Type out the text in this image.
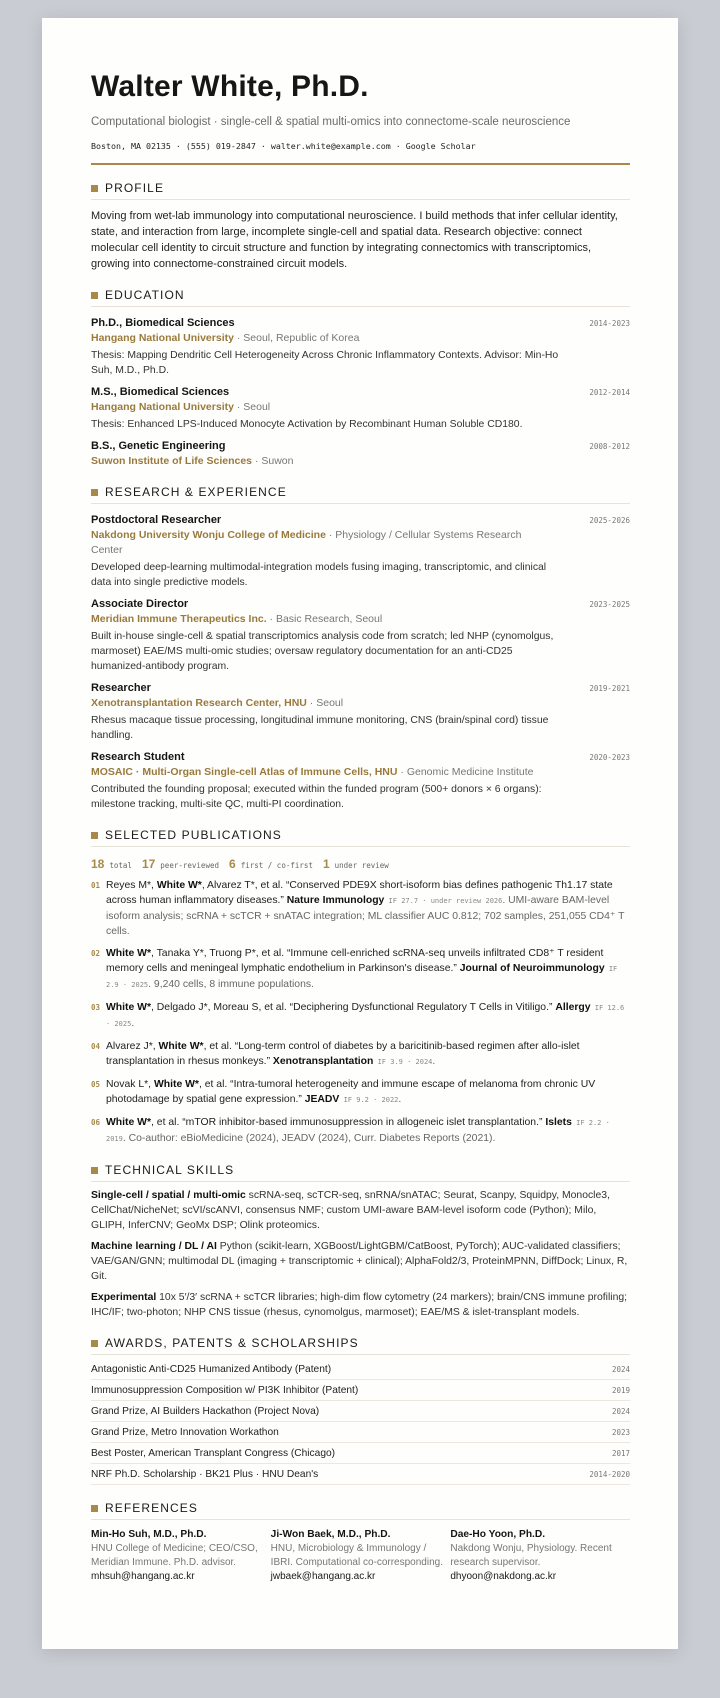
Walter White, Ph.D.
Computational biologist · single-cell & spatial multi-omics into connectome-scale neuroscience
Boston, MA 02135 · (555) 019-2847 · walter.white@example.com · Google Scholar
PROFILE
Moving from wet-lab immunology into computational neuroscience. I build methods that infer cellular identity, state, and interaction from large, incomplete single-cell and spatial data. Research objective: connect molecular cell identity to circuit structure and function by integrating connectomics with transcriptomics, growing into connectome-constrained circuit models.
EDUCATION
Ph.D., Biomedical Sciences	2014-2023
Hangang National University · Seoul, Republic of Korea
Thesis: Mapping Dendritic Cell Heterogeneity Across Chronic Inflammatory Contexts. Advisor: Min-Ho Suh, M.D., Ph.D.
M.S., Biomedical Sciences	2012-2014
Hangang National University · Seoul
Thesis: Enhanced LPS-Induced Monocyte Activation by Recombinant Human Soluble CD180.
B.S., Genetic Engineering	2008-2012
Suwon Institute of Life Sciences · Suwon
RESEARCH & EXPERIENCE
Postdoctoral Researcher	2025-2026
Nakdong University Wonju College of Medicine · Physiology / Cellular Systems Research Center
Developed deep-learning multimodal-integration models fusing imaging, transcriptomic, and clinical data into single predictive models.
Associate Director	2023-2025
Meridian Immune Therapeutics Inc. · Basic Research, Seoul
Built in-house single-cell & spatial transcriptomics analysis code from scratch; led NHP (cynomolgus, marmoset) EAE/MS multi-omic studies; oversaw regulatory documentation for an anti-CD25 humanized-antibody program.
Researcher	2019-2021
Xenotransplantation Research Center, HNU · Seoul
Rhesus macaque tissue processing, longitudinal immune monitoring, CNS (brain/spinal cord) tissue handling.
Research Student	2020-2023
MOSAIC · Multi-Organ Single-cell Atlas of Immune Cells, HNU · Genomic Medicine Institute
Contributed the founding proposal; executed within the funded program (500+ donors × 6 organs): milestone tracking, multi-site QC, multi-PI coordination.
SELECTED PUBLICATIONS
18 total 17 peer-reviewed 6 first / co-first 1 under review
01 Reyes M*, White W*, Alvarez T*, et al. “Conserved PDE9X short-isoform bias defines pathogenic Th1.17 state across human inflammatory diseases.” Nature Immunology IF 27.7 · under review 2026. UMI-aware BAM-level isoform analysis; scRNA + scTCR + snATAC integration; ML classifier AUC 0.812; 702 samples, 251,055 CD4⁺ T cells.
02 White W*, Tanaka Y*, Truong P*, et al. “Immune cell-enriched scRNA-seq unveils infiltrated CD8⁺ T resident memory cells and meningeal lymphatic endothelium in Parkinson's disease.” Journal of Neuroimmunology IF 2.9 · 2025. 9,240 cells, 8 immune populations.
03 White W*, Delgado J*, Moreau S, et al. “Deciphering Dysfunctional Regulatory T Cells in Vitiligo.” Allergy IF 12.6 · 2025.
04 Alvarez J*, White W*, et al. “Long-term control of diabetes by a baricitinib-based regimen after allo-islet transplantation in rhesus monkeys.” Xenotransplantation IF 3.9 · 2024.
05 Novak L*, White W*, et al. “Intra-tumoral heterogeneity and immune escape of melanoma from chronic UV photodamage by spatial gene expression.” JEADV IF 9.2 · 2022.
06 White W*, et al. “mTOR inhibitor-based immunosuppression in allogeneic islet transplantation.” Islets IF 2.2 · 2019. Co-author: eBioMedicine (2024), JEADV (2024), Curr. Diabetes Reports (2021).
TECHNICAL SKILLS
Single-cell / spatial / multi-omic scRNA-seq, scTCR-seq, snRNA/snATAC; Seurat, Scanpy, Squidpy, Monocle3, CellChat/NicheNet; scVI/scANVI, consensus NMF; custom UMI-aware BAM-level isoform code (Python); Milo, GLIPH, InferCNV; GeoMx DSP; Olink proteomics.
Machine learning / DL / AI Python (scikit-learn, XGBoost/LightGBM/CatBoost, PyTorch); AUC-validated classifiers; VAE/GAN/GNN; multimodal DL (imaging + transcriptomic + clinical); AlphaFold2/3, ProteinMPNN, DiffDock; Linux, R, Git.
Experimental 10x 5′/3′ scRNA + scTCR libraries; high-dim flow cytometry (24 markers); brain/CNS immune profiling; IHC/IF; two-photon; NHP CNS tissue (rhesus, cynomolgus, marmoset); EAE/MS & islet-transplant models.
AWARDS, PATENTS & SCHOLARSHIPS
Antagonistic Anti-CD25 Humanized Antibody (Patent)	2024
Immunosuppression Composition w/ PI3K Inhibitor (Patent)	2019
Grand Prize, AI Builders Hackathon (Project Nova)	2024
Grand Prize, Metro Innovation Workathon	2023
Best Poster, American Transplant Congress (Chicago)	2017
NRF Ph.D. Scholarship · BK21 Plus · HNU Dean's	2014-2020
REFERENCES
Min-Ho Suh, M.D., Ph.D.
HNU College of Medicine; CEO/CSO, Meridian Immune. Ph.D. advisor.
mhsuh@hangang.ac.kr
Ji-Won Baek, M.D., Ph.D.
HNU, Microbiology & Immunology / IBRI. Computational co-corresponding.
jwbaek@hangang.ac.kr
Dae-Ho Yoon, Ph.D.
Nakdong Wonju, Physiology. Recent research supervisor.
dhyoon@nakdong.ac.kr
